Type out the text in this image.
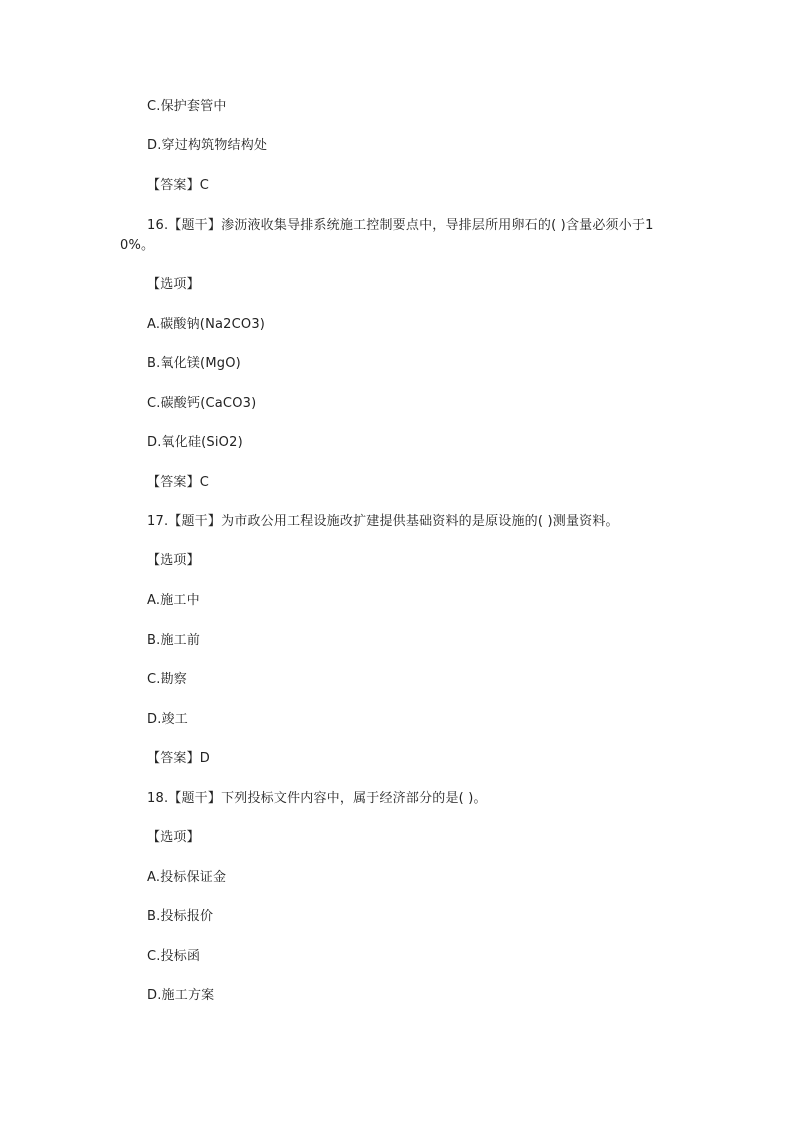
C.保护套管中
D.穿过构筑物结构处
【答案】C
16.【题干】渗沥液收集导排系统施工控制要点中，导排层所用卵石的( )含量必须小于10%。
【选项】
A.碳酸钠(Na2CO3)
B.氧化镁(MgO)
C.碳酸钙(CaCO3)
D.氧化硅(SiO2)
【答案】C
17.【题干】为市政公用工程设施改扩建提供基础资料的是原设施的( )测量资料。
【选项】
A.施工中
B.施工前
C.勘察
D.竣工
【答案】D
18.【题干】下列投标文件内容中，属于经济部分的是( )。
【选项】
A.投标保证金
B.投标报价
C.投标函
D.施工方案
